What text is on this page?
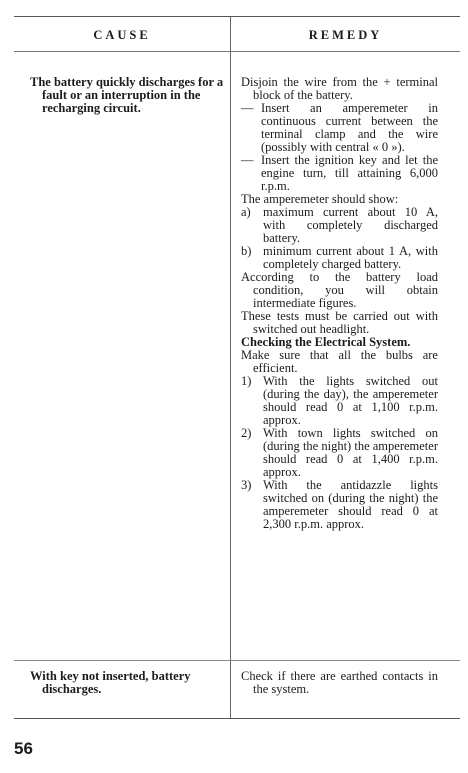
CAUSE	REMEDY
The battery quickly discharges for a fault or an interruption in the recharging circuit.

Disjoin the wire from the + terminal block of the battery.

— Insert an amperemeter in continuous current between the terminal clamp and the wire (possibly with central « 0 »).
— Insert the ignition key and let the engine turn, till attaining 6,000 r.p.m.

The amperemeter should show:

a) maximum current about 10 A, with completely discharged battery.
b) minimum current about 1 A, with completely charged battery.

According to the battery load condition, you will obtain intermediate figures.

These tests must be carried out with switched out headlight.

Checking the Electrical System.

Make sure that all the bulbs are efficient.

1) With the lights switched out (during the day), the amperemeter should read 0 at 1,100 r.p.m. approx.
2) With town lights switched on (during the night) the amperemeter should read 0 at 1,400 r.p.m. approx.
3) With the antidazzle lights switched on (during the night) the amperemeter should read 0 at 2,300 r.p.m. approx.
With key not inserted, battery discharges.

Check if there are earthed contacts in the system.

56
